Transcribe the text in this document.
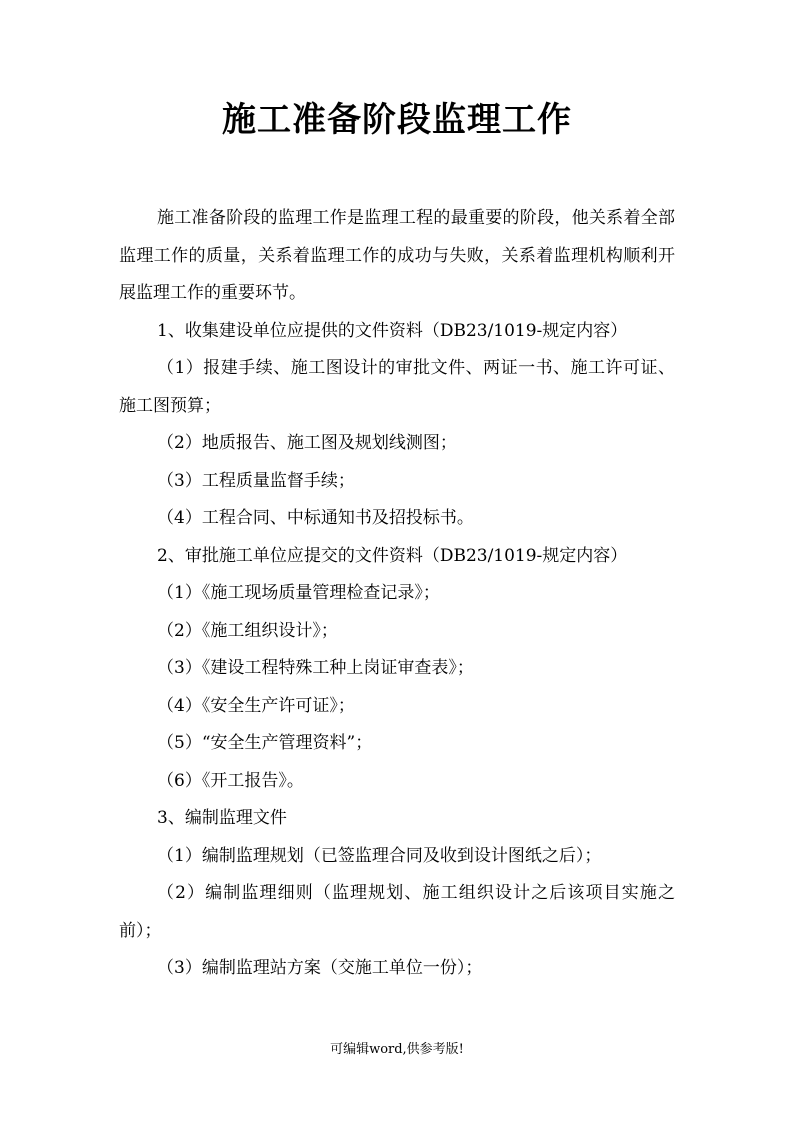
施工准备阶段监理工作

施工准备阶段的监理工作是监理工程的最重要的阶段，他关系着全部监理工作的质量，关系着监理工作的成功与失败，关系着监理机构顺利开展监理工作的重要环节。

1、收集建设单位应提供的文件资料（DB23/1019-规定内容）

（1）报建手续、施工图设计的审批文件、两证一书、施工许可证、施工图预算；

（2）地质报告、施工图及规划线测图；

（3）工程质量监督手续；

（4）工程合同、中标通知书及招投标书。

2、审批施工单位应提交的文件资料（DB23/1019-规定内容）

（1）《施工现场质量管理检查记录》；

（2）《施工组织设计》；

（3）《建设工程特殊工种上岗证审查表》；

（4）《安全生产许可证》；

（5）“安全生产管理资料”；

（6）《开工报告》。

3、编制监理文件

（1）编制监理规划（已签监理合同及收到设计图纸之后）；

（2）编制监理细则（监理规划、施工组织设计之后该项目实施之前）；

（3）编制监理站方案（交施工单位一份）；

可编辑word,供参考版!
